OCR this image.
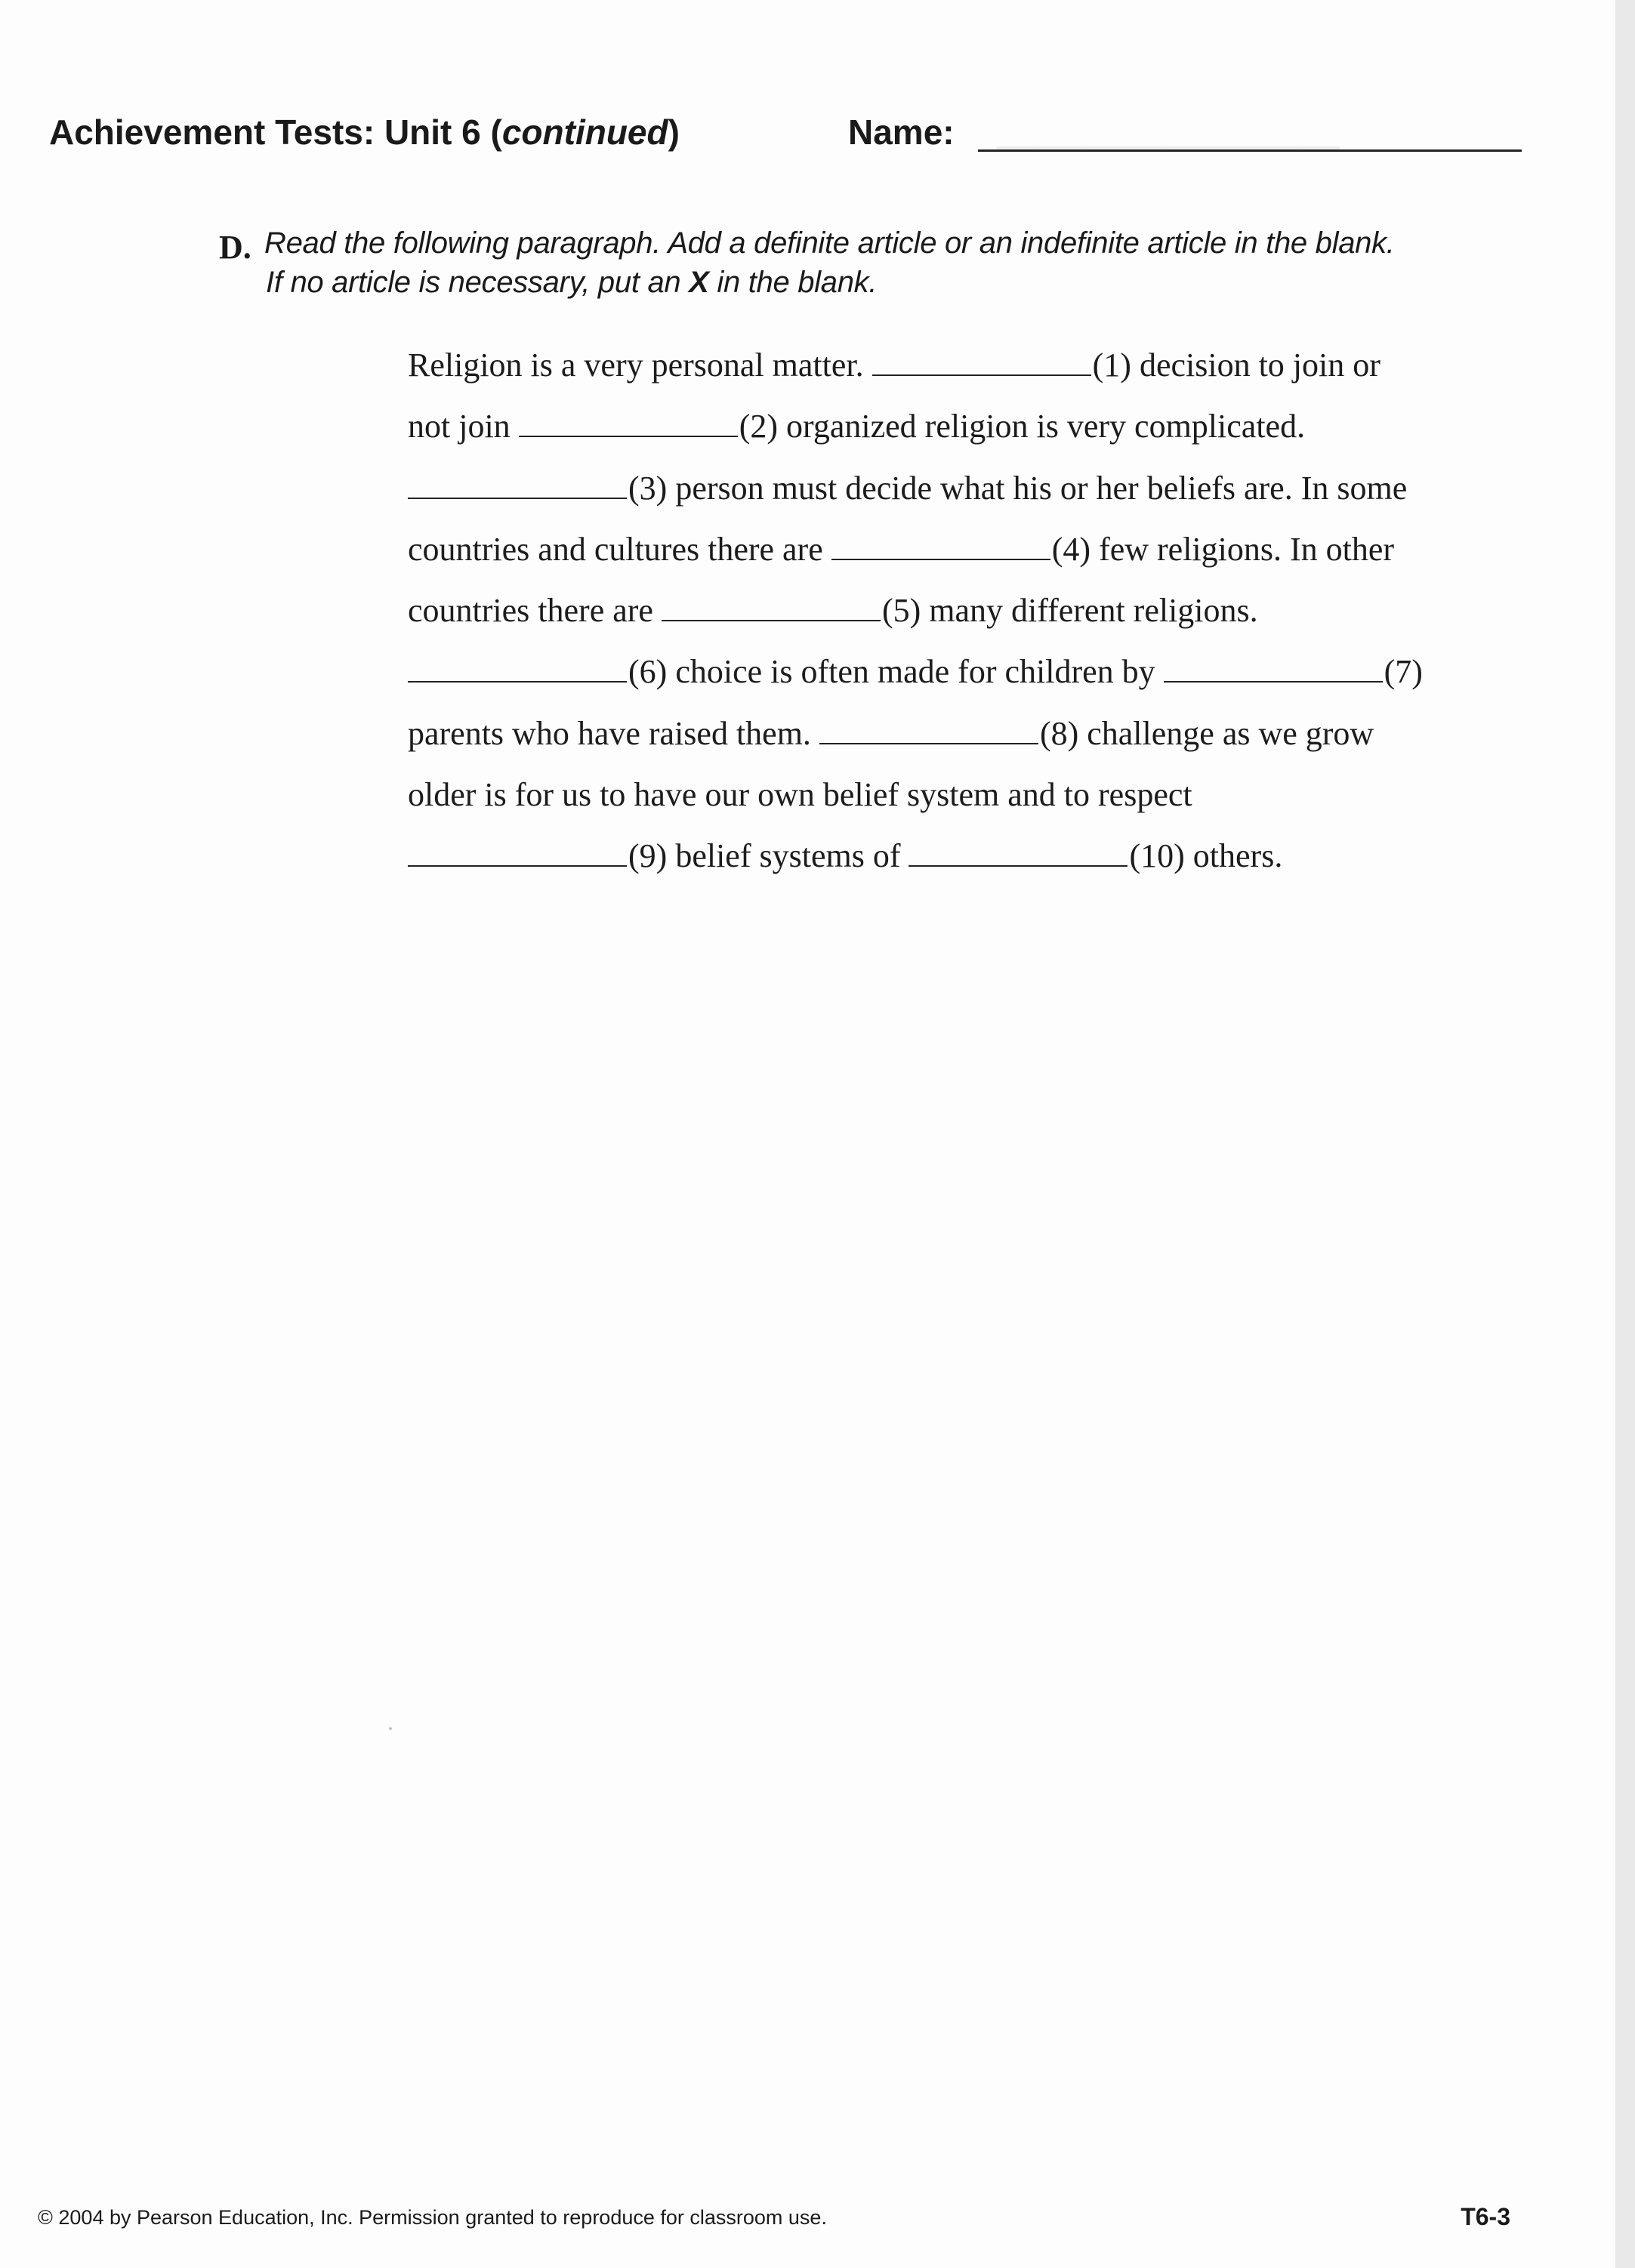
────────
Achievement Tests: Unit 6 (continued)	Name:
D. Read the following paragraph. Add a definite article or an indefinite article in the blank.
If no article is necessary, put an X in the blank.
Religion is a very personal matter.	(1) decision to join or
not join	(2) organized religion is very complicated.
(3) person must decide what his or her beliefs are. In some
countries and cultures there are	(4) few religions. In other
countries there are	(5) many different religions.
(6) choice is often made for children by	(7)
parents who have raised them.	(8) challenge as we grow
older is for us to have our own belief system and to respect
(9) belief systems of	(10) others.
․
© 2004 by Pearson Education, Inc. Permission granted to reproduce for classroom use.	T6-3
